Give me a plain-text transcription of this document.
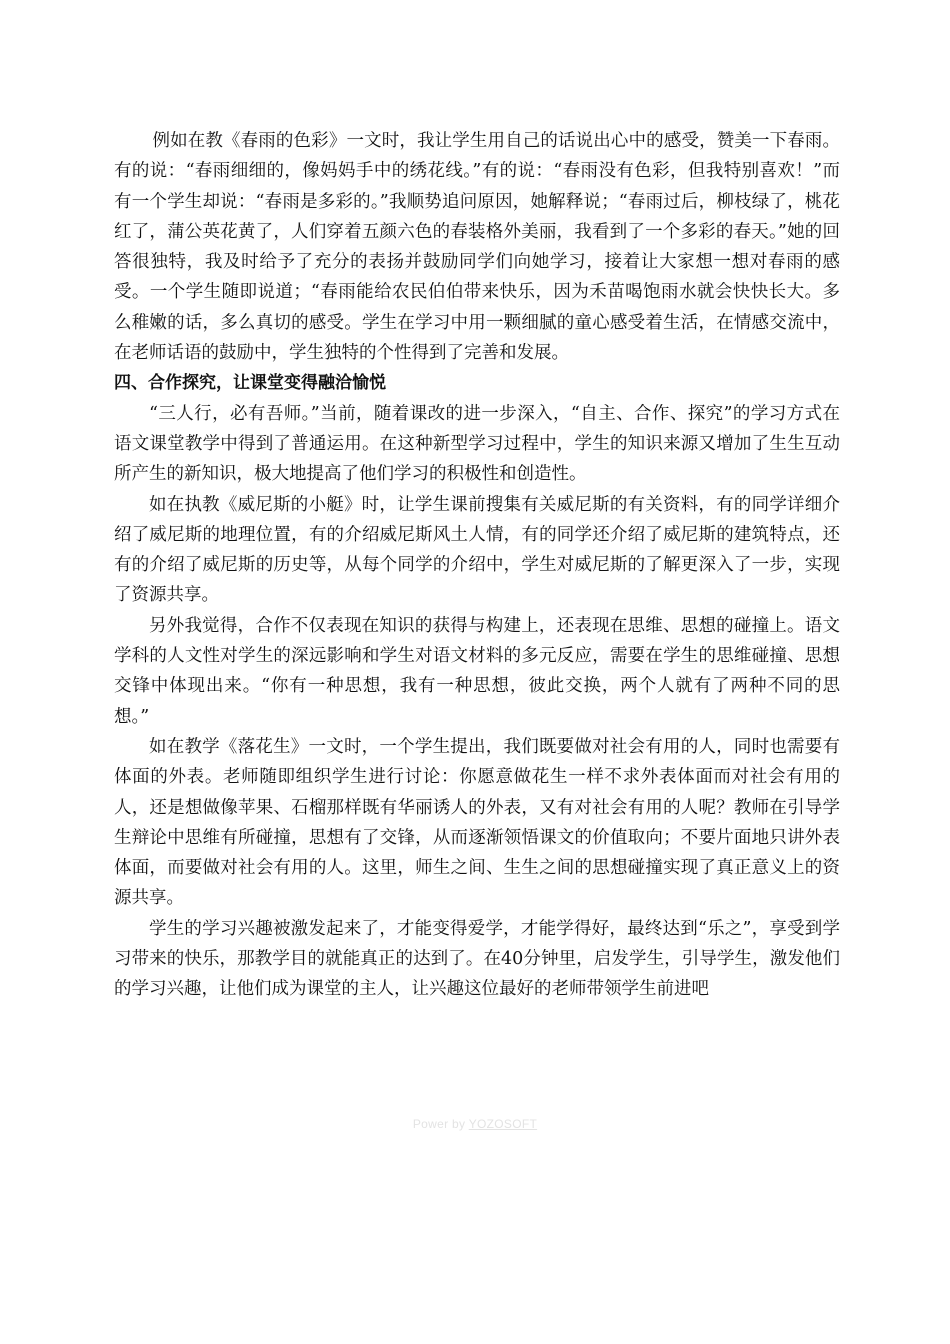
例如在教《春雨的色彩》一文时，我让学生用自己的话说出心中的感受，赞美一下春雨。有的说：“春雨细细的，像妈妈手中的绣花线。”有的说：“春雨没有色彩，但我特别喜欢！”而有一个学生却说：“春雨是多彩的。”我顺势追问原因，她解释说；“春雨过后，柳枝绿了，桃花红了，蒲公英花黄了，人们穿着五颜六色的春装格外美丽，我看到了一个多彩的春天。”她的回答很独特，我及时给予了充分的表扬并鼓励同学们向她学习，接着让大家想一想对春雨的感受。一个学生随即说道；“春雨能给农民伯伯带来快乐，因为禾苗喝饱雨水就会快快长大。多么稚嫩的话，多么真切的感受。学生在学习中用一颗细腻的童心感受着生活，在情感交流中，在老师话语的鼓励中，学生独特的个性得到了完善和发展。

四、合作探究，让课堂变得融洽愉悦

“三人行，必有吾师。”当前，随着课改的进一步深入，“自主、合作、探究”的学习方式在语文课堂教学中得到了普通运用。在这种新型学习过程中，学生的知识来源又增加了生生互动所产生的新知识，极大地提高了他们学习的积极性和创造性。

如在执教《威尼斯的小艇》时，让学生课前搜集有关威尼斯的有关资料，有的同学详细介绍了威尼斯的地理位置，有的介绍威尼斯风土人情，有的同学还介绍了威尼斯的建筑特点，还有的介绍了威尼斯的历史等，从每个同学的介绍中，学生对威尼斯的了解更深入了一步，实现了资源共享。

另外我觉得，合作不仅表现在知识的获得与构建上，还表现在思维、思想的碰撞上。语文学科的人文性对学生的深远影响和学生对语文材料的多元反应，需要在学生的思维碰撞、思想交锋中体现出来。“你有一种思想，我有一种思想，彼此交换，两个人就有了两种不同的思想。”

如在教学《落花生》一文时，一个学生提出，我们既要做对社会有用的人，同时也需要有体面的外表。老师随即组织学生进行讨论：你愿意做花生一样不求外表体面而对社会有用的人，还是想做像苹果、石榴那样既有华丽诱人的外表，又有对社会有用的人呢？教师在引导学生辩论中思维有所碰撞，思想有了交锋，从而逐渐领悟课文的价值取向；不要片面地只讲外表体面，而要做对社会有用的人。这里，师生之间、生生之间的思想碰撞实现了真正意义上的资源共享。

学生的学习兴趣被激发起来了，才能变得爱学，才能学得好，最终达到“乐之”，享受到学习带来的快乐，那教学目的就能真正的达到了。在40分钟里，启发学生，引导学生，激发他们的学习兴趣，让他们成为课堂的主人，让兴趣这位最好的老师带领学生前进吧

Power by YOZOSOFT
